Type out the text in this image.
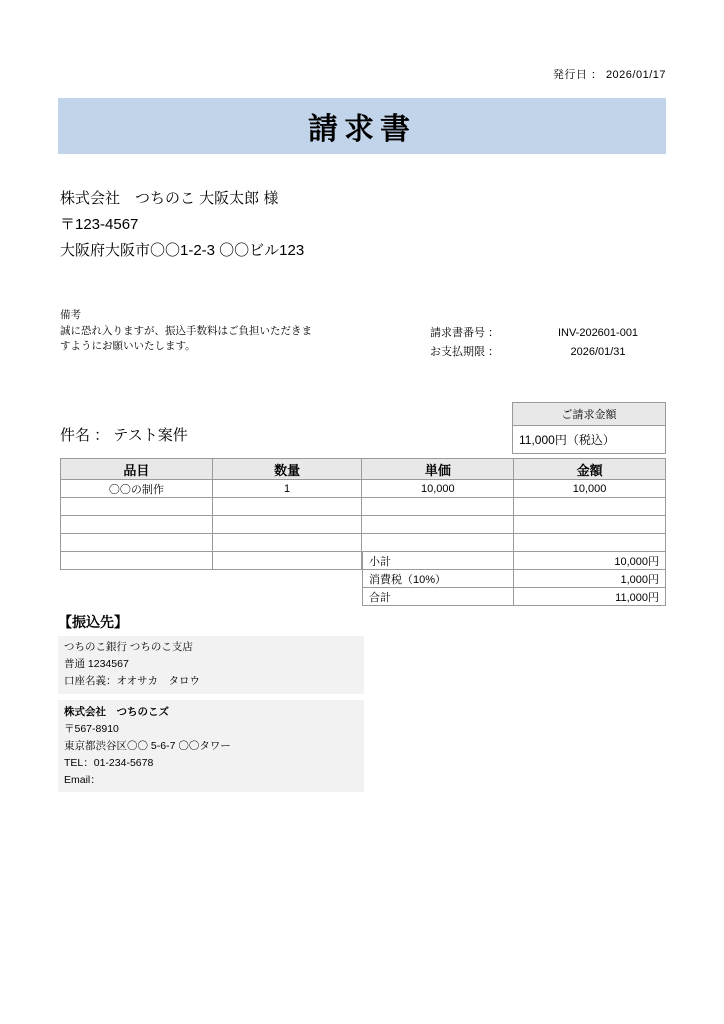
発行日 ： 2026/01/17
請求書
株式会社　つちのこ 大阪太郎 様
〒123-4567
大阪府大阪市〇〇1-2-3 〇〇ビル123
備考
誠に恐れ入りますが、振込手数料はご負担いただきま
すようにお願いいたします。
請求書番号 ：	INV-202601-001
お支払期限 ：	2026/01/31
ご請求金額
11,000円（税込）
件名 ： テスト案件
品目	数量	単価	金額
〇〇の制作	1	10,000	10,000

小計	10,000円
消費税（10%）	1,000円
合計	11,000円
【振込先】
つちのこ銀行 つちのこ支店
普通 1234567
口座名義：オオサカ　タロウ
株式会社　つちのこズ
〒567-8910
東京都渋谷区〇〇 5-6-7 〇〇タワー
TEL：01-234-5678
Email：
